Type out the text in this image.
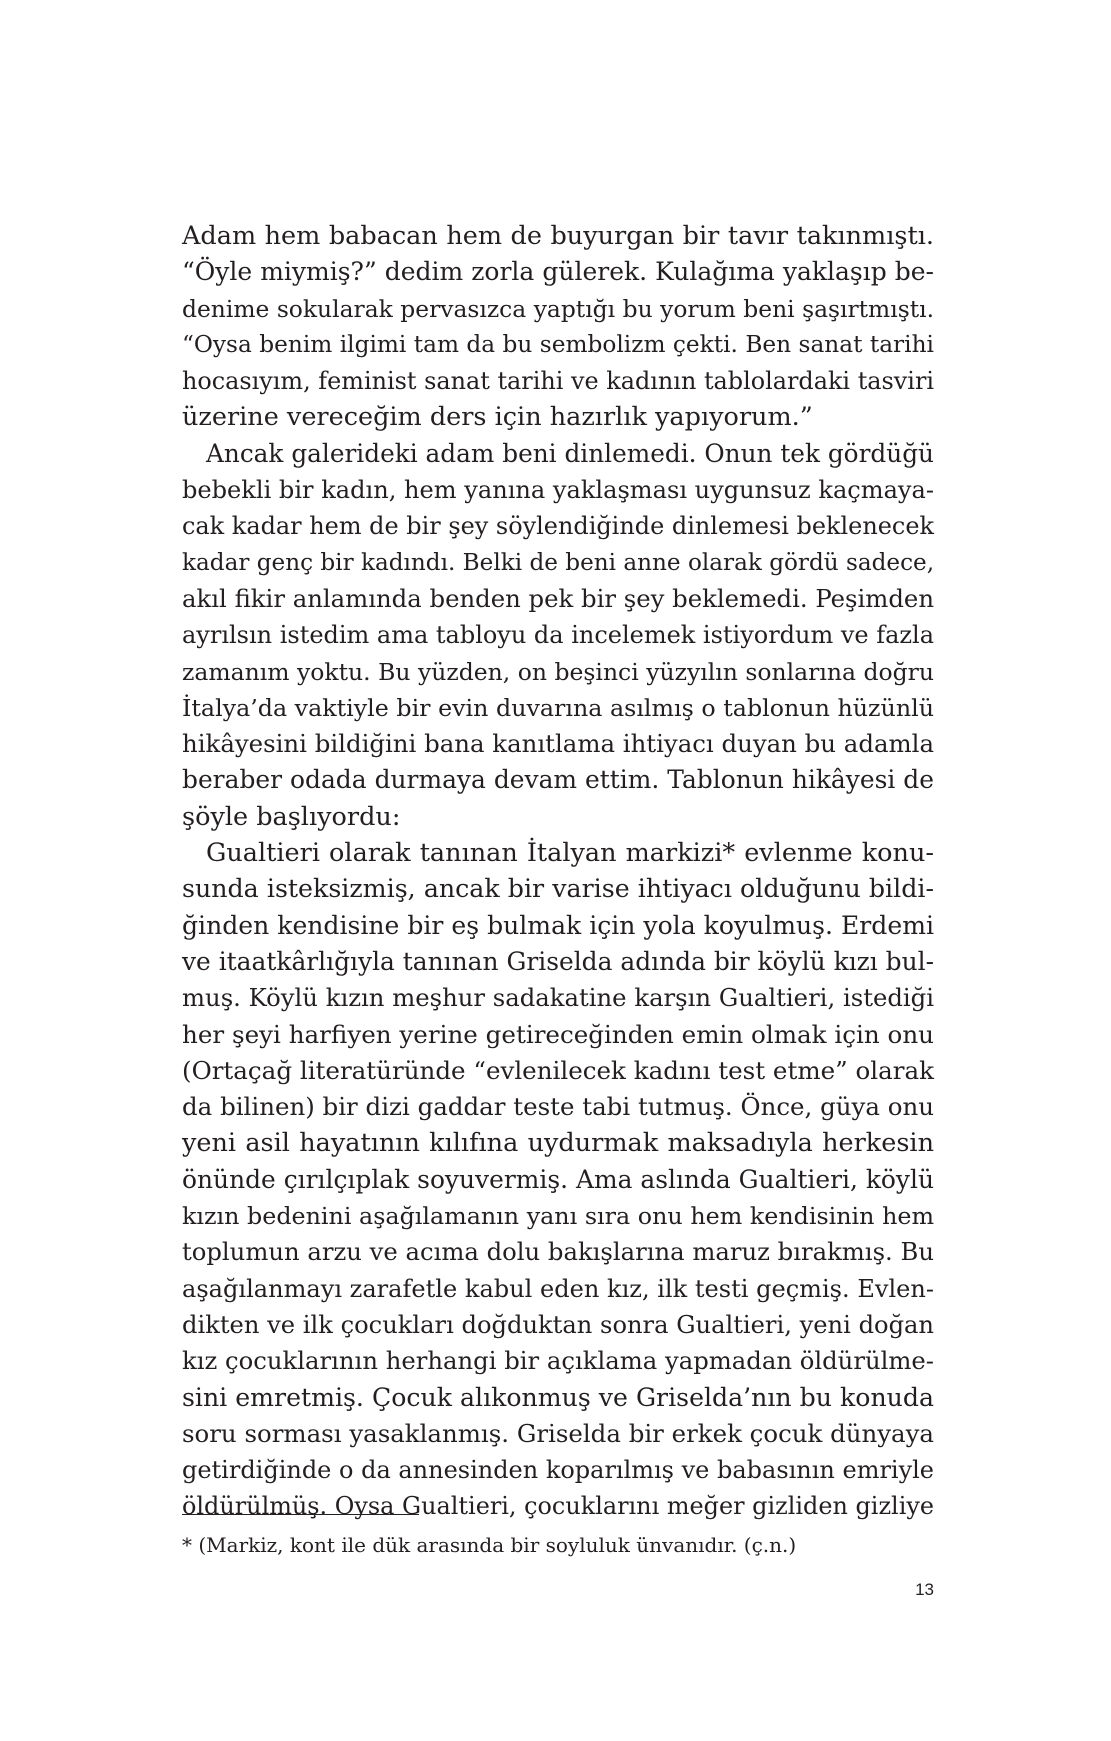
Adam hem babacan hem de buyurgan bir tavır takınmıştı.
“Öyle miymiş?” dedim zorla gülerek. Kulağıma yaklaşıp be-
denime sokularak pervasızca yaptığı bu yorum beni şaşırtmıştı.
“Oysa benim ilgimi tam da bu sembolizm çekti. Ben sanat tarihi
hocasıyım, feminist sanat tarihi ve kadının tablolardaki tasviri
üzerine vereceğim ders için hazırlık yapıyorum.”
Ancak galerideki adam beni dinlemedi. Onun tek gördüğü
bebekli bir kadın, hem yanına yaklaşması uygunsuz kaçmaya-
cak kadar hem de bir şey söylendiğinde dinlemesi beklenecek
kadar genç bir kadındı. Belki de beni anne olarak gördü sadece,
akıl fikir anlamında benden pek bir şey beklemedi. Peşimden
ayrılsın istedim ama tabloyu da incelemek istiyordum ve fazla
zamanım yoktu. Bu yüzden, on beşinci yüzyılın sonlarına doğru
İtalya’da vaktiyle bir evin duvarına asılmış o tablonun hüzünlü
hikâyesini bildiğini bana kanıtlama ihtiyacı duyan bu adamla
beraber odada durmaya devam ettim. Tablonun hikâyesi de
şöyle başlıyordu:
Gualtieri olarak tanınan İtalyan markizi* evlenme konu-
sunda isteksizmiş, ancak bir varise ihtiyacı olduğunu bildi-
ğinden kendisine bir eş bulmak için yola koyulmuş. Erdemi
ve itaatkârlığıyla tanınan Griselda adında bir köylü kızı bul-
muş. Köylü kızın meşhur sadakatine karşın Gualtieri, istediği
her şeyi harfiyen yerine getireceğinden emin olmak için onu
(Ortaçağ literatüründe “evlenilecek kadını test etme” olarak
da bilinen) bir dizi gaddar teste tabi tutmuş. Önce, güya onu
yeni asil hayatının kılıfına uydurmak maksadıyla herkesin
önünde çırılçıplak soyuvermiş. Ama aslında Gualtieri, köylü
kızın bedenini aşağılamanın yanı sıra onu hem kendisinin hem
toplumun arzu ve acıma dolu bakışlarına maruz bırakmış. Bu
aşağılanmayı zarafetle kabul eden kız, ilk testi geçmiş. Evlen-
dikten ve ilk çocukları doğduktan sonra Gualtieri, yeni doğan
kız çocuklarının herhangi bir açıklama yapmadan öldürülme-
sini emretmiş. Çocuk alıkonmuş ve Griselda’nın bu konuda
soru sorması yasaklanmış. Griselda bir erkek çocuk dünyaya
getirdiğinde o da annesinden koparılmış ve babasının emriyle
öldürülmüş. Oysa Gualtieri, çocuklarını meğer gizliden gizliye
* (Markiz, kont ile dük arasında bir soyluluk ünvanıdır. (ç.n.)
13
